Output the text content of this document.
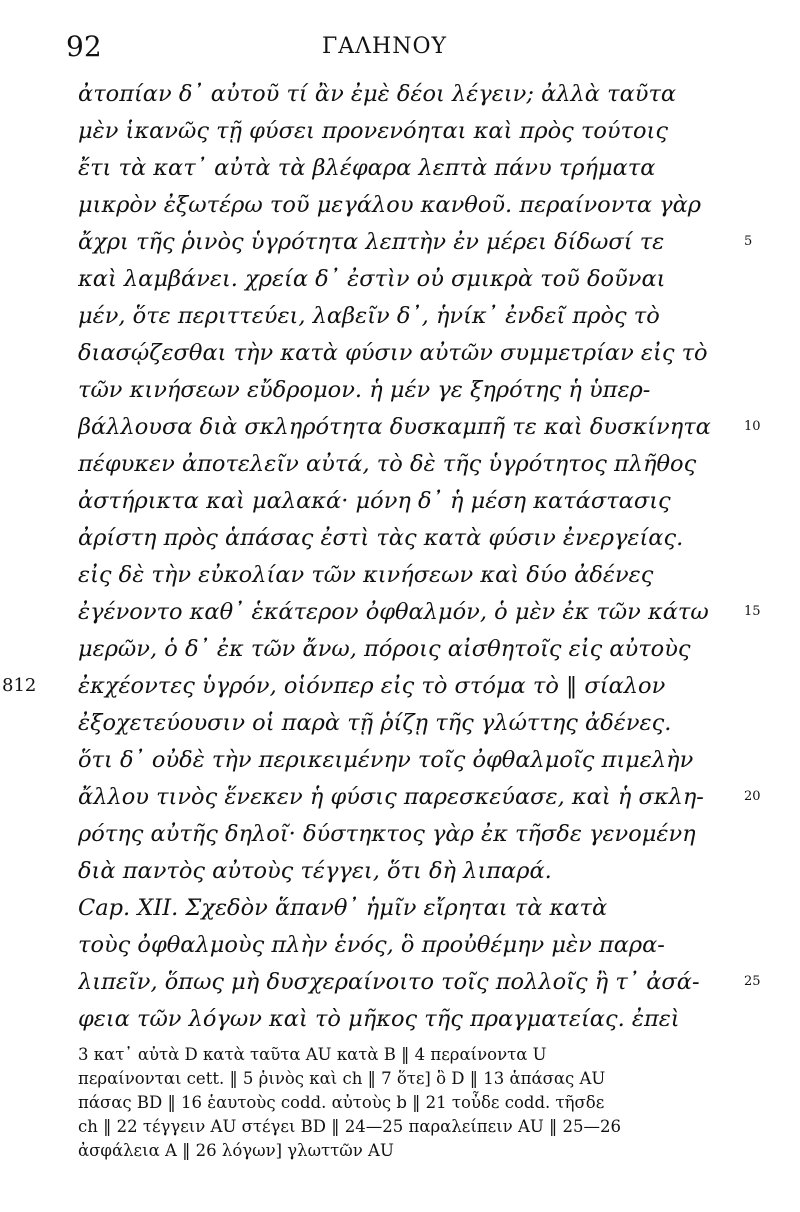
92	ΓΑΛΗΝΟΥ
ἀτοπίαν δ᾽ αὐτοῦ τί ἂν ἐμὲ δέοι λέγειν; ἀλλὰ ταῦτα
μὲν ἱκανῶς τῇ φύσει προνενόηται καὶ πρὸς τούτοις
ἔτι τὰ κατ᾽ αὐτὰ τὰ βλέφαρα λεπτὰ πάνυ τρήματα
μικρὸν ἐξωτέρω τοῦ μεγάλου κανθοῦ. περαίνοντα γὰρ
ἄχρι τῆς ῥινὸς ὑγρότητα λεπτὴν ἐν μέρει δίδωσί τε
καὶ λαμβάνει. χρεία δ᾽ ἐστὶν οὐ σμικρὰ τοῦ δοῦναι
μέν, ὅτε περιττεύει, λαβεῖν δ᾽, ἡνίκ᾽ ἐνδεῖ πρὸς τὸ
διασῴζεσθαι τὴν κατὰ φύσιν αὐτῶν συμμετρίαν εἰς τὸ
τῶν κινήσεων εὔδρομον. ἡ μέν γε ξηρότης ἡ ὑπερ-
βάλλουσα διὰ σκληρότητα δυσκαμπῆ τε καὶ δυσκίνητα
πέφυκεν ἀποτελεῖν αὐτά, τὸ δὲ τῆς ὑγρότητος πλῆθος
ἀστήρικτα καὶ μαλακά· μόνη δ᾽ ἡ μέση κατάστασις
ἀρίστη πρὸς ἁπάσας ἐστὶ τὰς κατὰ φύσιν ἐνεργείας.
εἰς δὲ τὴν εὐκολίαν τῶν κινήσεων καὶ δύο ἀδένες
ἐγένοντο καθ᾽ ἑκάτερον ὀφθαλμόν, ὁ μὲν ἐκ τῶν κάτω
μερῶν, ὁ δ᾽ ἐκ τῶν ἄνω, πόροις αἰσθητοῖς εἰς αὐτοὺς
ἐκχέοντες ὑγρόν, οἱόνπερ εἰς τὸ στόμα τὸ ‖ σίαλον
ἐξοχετεύουσιν οἱ παρὰ τῇ ῥίζῃ τῆς γλώττης ἀδένες.
ὅτι δ᾽ οὐδὲ τὴν περικειμένην τοῖς ὀφθαλμοῖς πιμελὴν
ἄλλου τινὸς ἕνεκεν ἡ φύσις παρεσκεύασε, καὶ ἡ σκλη-
ρότης αὐτῆς δηλοῖ· δύστηκτος γὰρ ἐκ τῆσδε γενομένη
διὰ παντὸς αὐτοὺς τέγγει, ὅτι δὴ λιπαρά.
Cap. XII. Σχεδὸν ἅπανθ᾽ ἡμῖν εἴρηται τὰ κατὰ
τοὺς ὀφθαλμοὺς πλὴν ἑνός, ὃ προὐθέμην μὲν παρα-
λιπεῖν, ὅπως μὴ δυσχεραίνοιτο τοῖς πολλοῖς ἢ τ᾽ ἀσά-
φεια τῶν λόγων καὶ τὸ μῆκος τῆς πραγματείας. ἐπεὶ
5
10
15
20
25
812
3 κατ᾽ αὐτὰ D κατὰ ταῦτα AU κατὰ B ‖ 4 περαίνοντα U
περαίνονται cett. ‖ 5 ῥινὸς καὶ ch ‖ 7 ὅτε] ὃ D ‖ 13 ἁπάσας AU
πάσας BD ‖ 16 ἑαυτοὺς codd. αὐτοὺς b ‖ 21 τοὖδε codd. τῆσδε
ch ‖ 22 τέγγειν AU στέγει BD ‖ 24—25 παραλείπειν AU ‖ 25—26
ἀσφάλεια A ‖ 26 λόγων] γλωττῶν AU
